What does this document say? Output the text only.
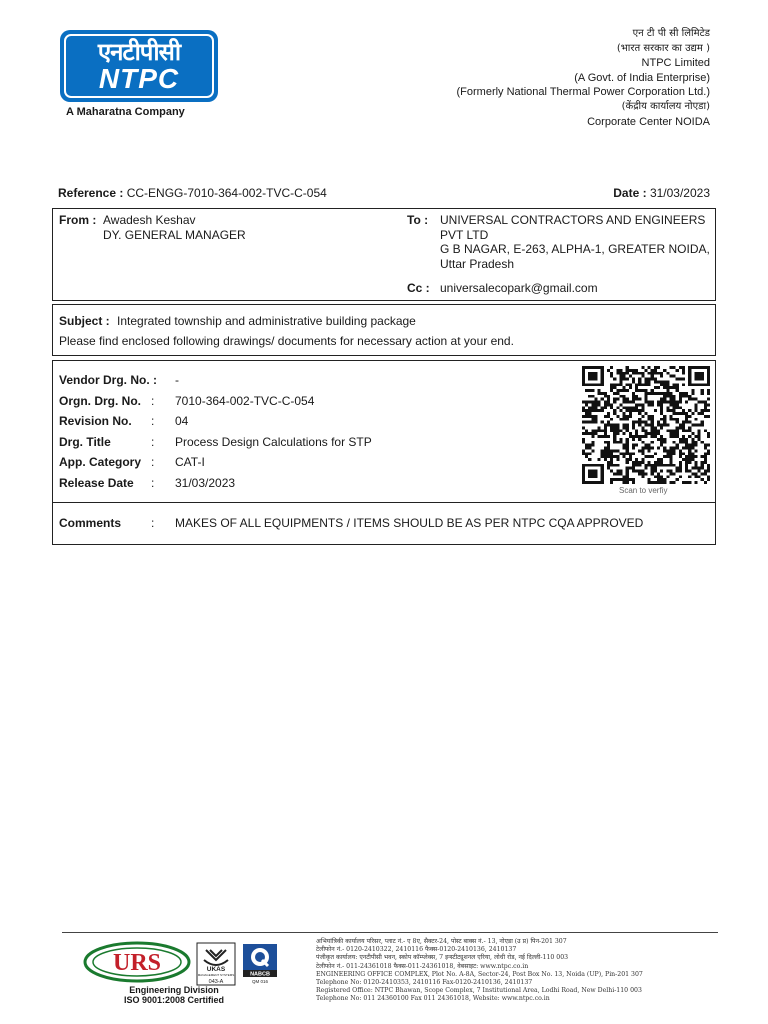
एनटीपीसी
NTPC
A Maharatna Company
एन टी पी सी लिमिटेड
(भारत सरकार का उद्यम )
NTPC Limited
(A Govt. of India Enterprise)
(Formerly National Thermal Power Corporation Ltd.)
(केंद्रीय कार्यालय नोएडा)
Corporate Center NOIDA
Reference : CC-ENGG-7010-364-002-TVC-C-054	Date : 31/03/2023
From : Awadesh Keshav
DY. GENERAL MANAGER
To : UNIVERSAL CONTRACTORS AND ENGINEERS
PVT LTD
G B NAGAR, E-263, ALPHA-1, GREATER NOIDA,
Uttar Pradesh
Cc : universalecopark@gmail.com
Subject : Integrated township and administrative building package
Please find enclosed following drawings/ documents for necessary action at your end.
Vendor Drg. No. : -
Orgn. Drg. No. : 7010-364-002-TVC-C-054
Revision No. : 04
Drg. Title	: Process Design Calculations for STP
App. Category : CAT-I
Release Date : 31/03/2023
Comments : MAKES OF ALL EQUIPMENTS / ITEMS SHOULD BE AS PER NTPC CQA APPROVED
Scan to verfiy
URS	UKAS
MANAGEMENT SYSTEMS
043-A
NABCB
QM 016
Engineering Division
ISO 9001:2008 Certified
अभियांत्रिकी कार्यालय परिसर, प्लाट नं.- ए 8ए, सैक्टर-24, पोस्ट बाक्स नं.- 13, नोएडा (उ प्र) पिन-201 307
टेलीफोन नं.- 0120-2410322, 2410116 फैक्स-0120-2410136, 2410137
पंजीकृत कार्यालय: एनटीपीसी भवन, स्कोप कॉम्प्लेक्स, 7 इन्स्टीट्यूशनल एरिया, लोधी रोड, नई दिल्ली-110 003
टेलीफोन नं.- 011-24361018 फैक्स-011-24361018, वेबसाइट: www.ntpc.co.in
ENGINEERING OFFICE COMPLEX, Plot No. A-8A, Sector-24, Post Box No. 13, Noida (UP), Pin-201 307
Telephone No: 0120-2410353, 2410116 Fax-0120-2410136, 2410137
Registered Office: NTPC Bhawan, Scope Complex, 7 Institutional Area, Lodhi Road, New Delhi-110 003
Telephone No: 011 24360100 Fax 011 24361018, Website: www.ntpc.co.in
